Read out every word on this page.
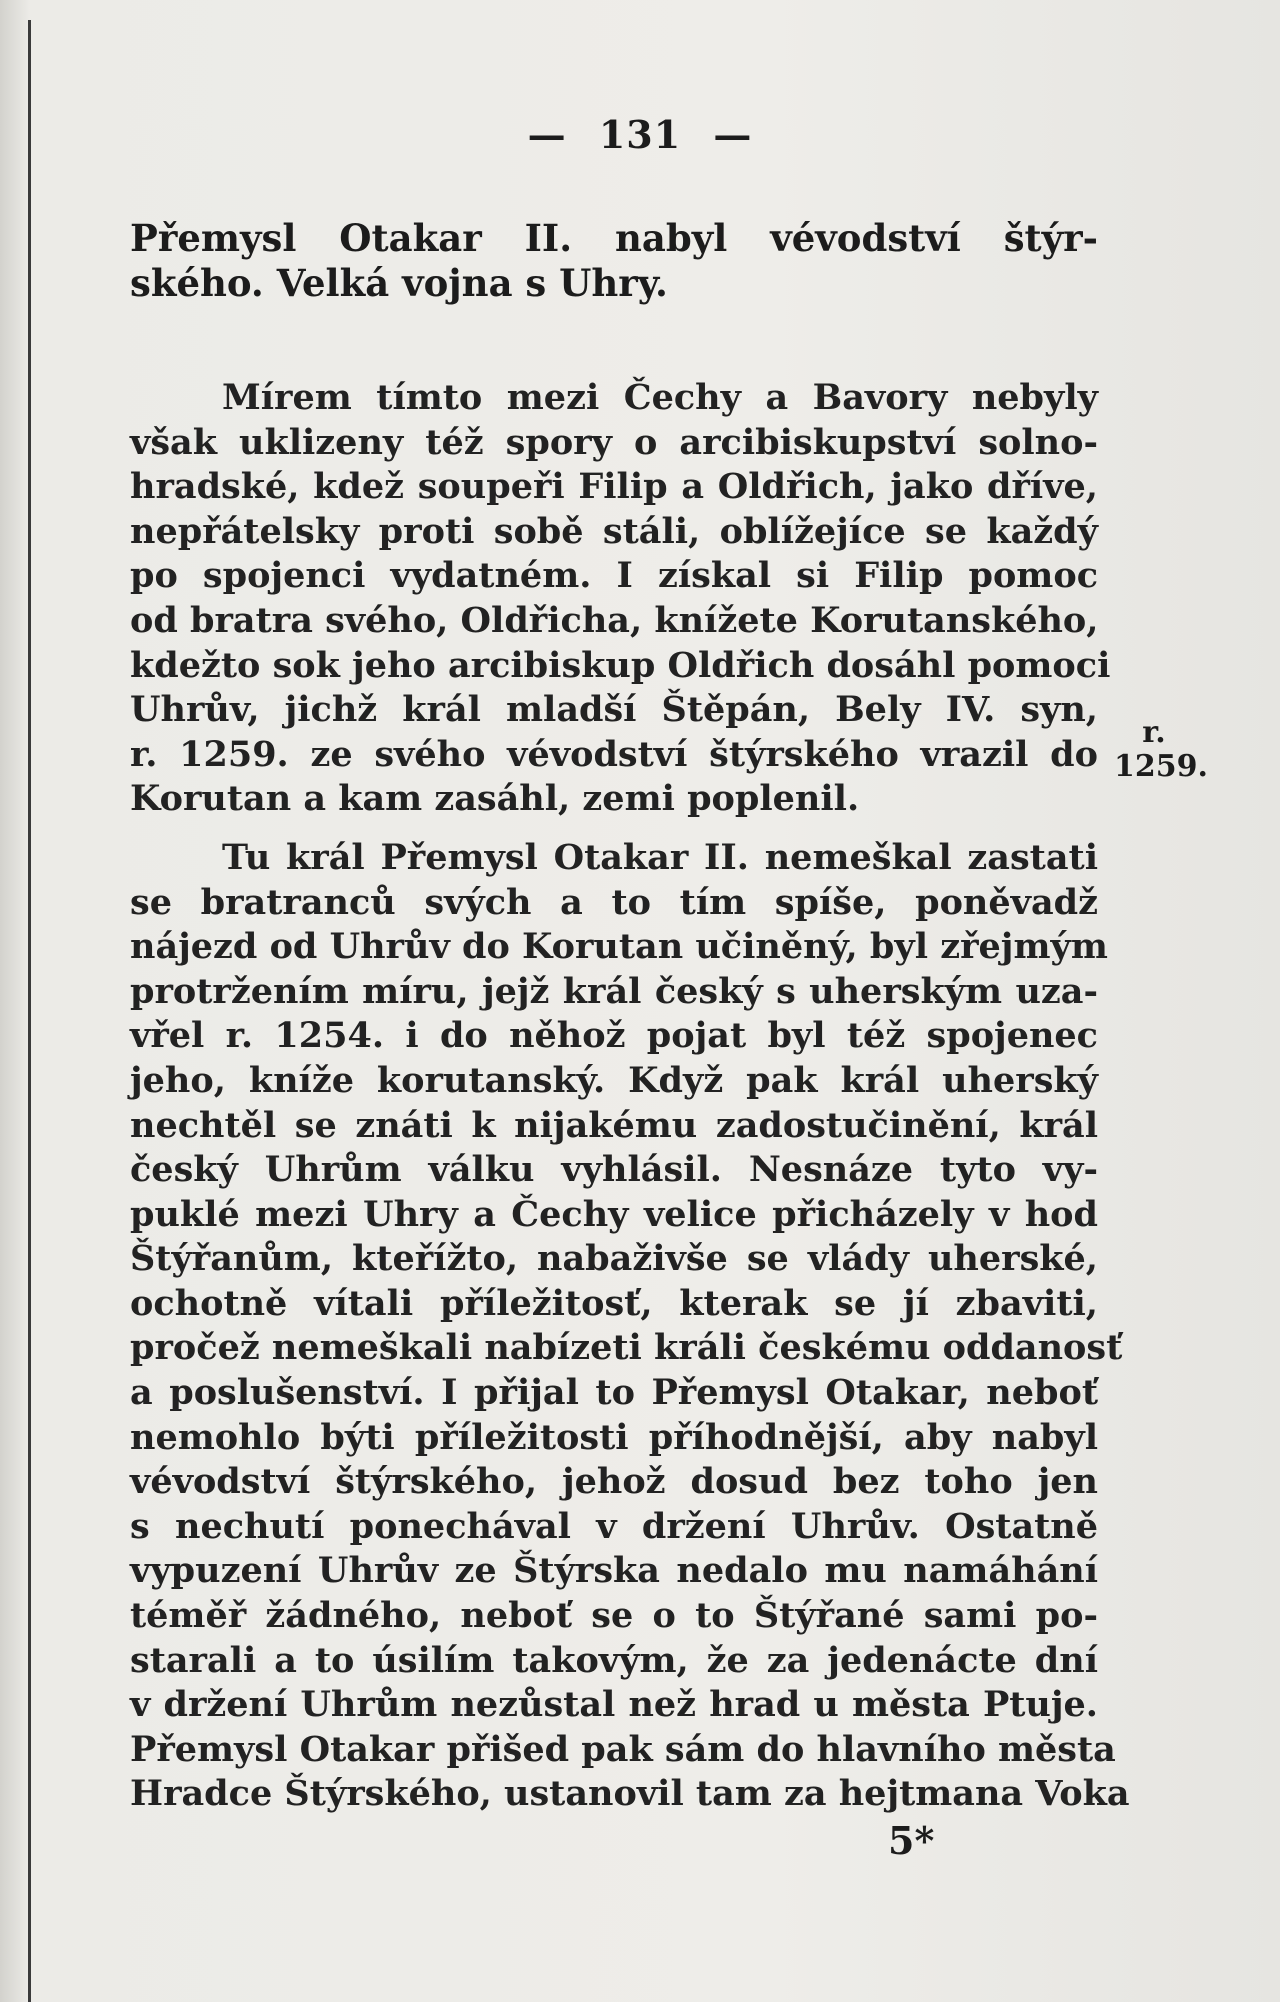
— 131 —
Přemysl Otakar II. nabyl vévodství štýr-
ského. Velká vojna s Uhry.
Mírem tímto mezi Čechy a Bavory nebyly
však uklizeny též spory o arcibiskupství solno-
hradské, kdež soupeři Filip a Oldřich, jako dříve,
nepřátelsky proti sobě stáli, oblížejíce se každý
po spojenci vydatném. I získal si Filip pomoc
od bratra svého, Oldřicha, knížete Korutanského,
kdežto sok jeho arcibiskup Oldřich dosáhl pomoci
Uhrův, jichž král mladší Štěpán, Bely IV. syn,
r. 1259. ze svého vévodství štýrského vrazil do
Korutan a kam zasáhl, zemi poplenil.
Tu král Přemysl Otakar II. nemeškal zastati
se bratranců svých a to tím spíše, poněvadž
nájezd od Uhrův do Korutan učiněný, byl zřejmým
protržením míru, jejž král český s uherským uza-
vřel r. 1254. i do něhož pojat byl též spojenec
jeho, kníže korutanský. Když pak král uherský
nechtěl se znáti k nijakému zadostučinění, král
český Uhrům válku vyhlásil. Nesnáze tyto vy-
puklé mezi Uhry a Čechy velice přicházely v hod
Štýřanům, kteřížto, nabaživše se vlády uherské,
ochotně vítali příležitosť, kterak se jí zbaviti,
pročež nemeškali nabízeti králi českému oddanosť
a poslušenství. I přijal to Přemysl Otakar, neboť
nemohlo býti příležitosti příhodnější, aby nabyl
vévodství štýrského, jehož dosud bez toho jen
s nechutí ponechával v držení Uhrův. Ostatně
vypuzení Uhrův ze Štýrska nedalo mu namáhání
téměř žádného, neboť se o to Štýřané sami po-
starali a to úsilím takovým, že za jedenácte dní
v držení Uhrům nezůstal než hrad u města Ptuje.
Přemysl Otakar přišed pak sám do hlavního města
Hradce Štýrského, ustanovil tam za hejtmana Voka
r.
1259.
5*
